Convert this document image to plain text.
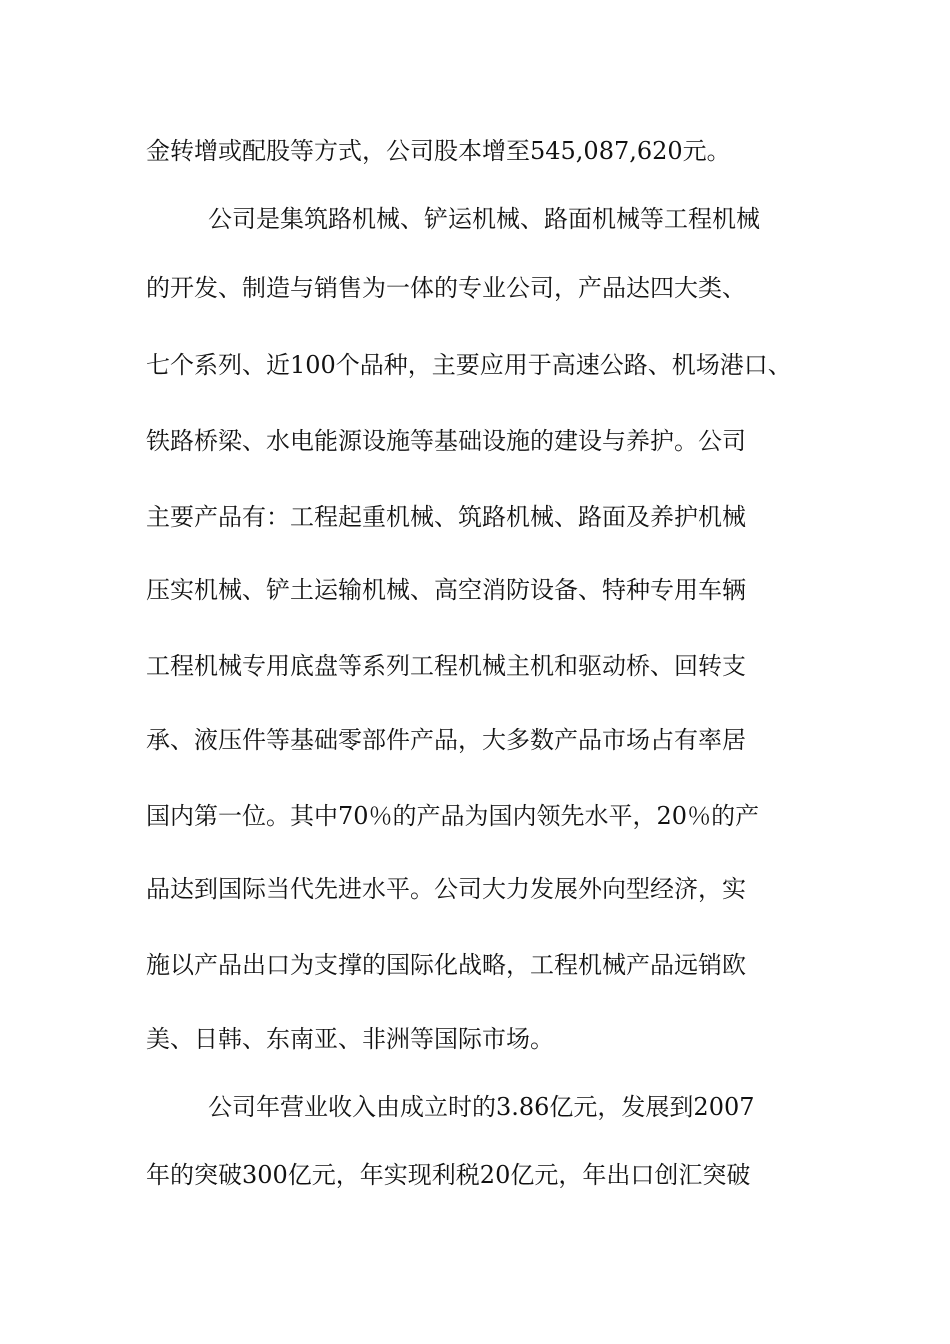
金转增或配股等方式，公司股本增至545,087,620元。
公司是集筑路机械、铲运机械、路面机械等工程机械
的开发、制造与销售为一体的专业公司，产品达四大类、
七个系列、近100个品种，主要应用于高速公路、机场港口、
铁路桥梁、水电能源设施等基础设施的建设与养护。公司
主要产品有：工程起重机械、筑路机械、路面及养护机械
压实机械、铲土运输机械、高空消防设备、特种专用车辆
工程机械专用底盘等系列工程机械主机和驱动桥、回转支
承、液压件等基础零部件产品，大多数产品市场占有率居
国内第一位。其中70％的产品为国内领先水平，20％的产
品达到国际当代先进水平。公司大力发展外向型经济，实
施以产品出口为支撑的国际化战略，工程机械产品远销欧
美、日韩、东南亚、非洲等国际市场。
公司年营业收入由成立时的3.86亿元，发展到2007
年的突破300亿元，年实现利税20亿元，年出口创汇突破
